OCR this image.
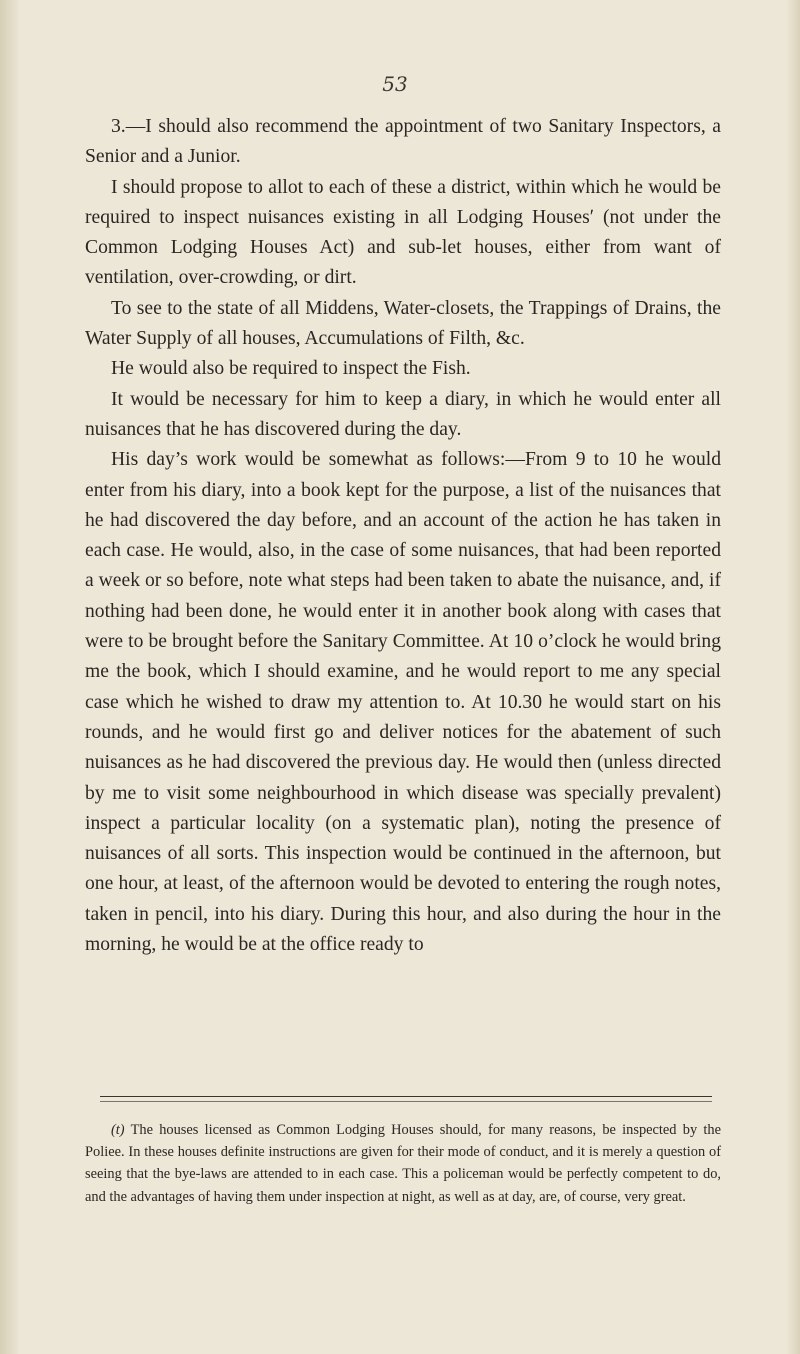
53

3.—I should also recommend the appointment of two Sanitary Inspectors, a Senior and a Junior.

I should propose to allot to each of these a district, within which he would be required to inspect nuisances existing in all Lodging Housesʹ (not under the Common Lodging Houses Act) and sub-let houses, either from want of ventilation, over-crowding, or dirt.

To see to the state of all Middens, Water-closets, the Trappings of Drains, the Water Supply of all houses, Accumulations of Filth, &c.

He would also be required to inspect the Fish.

It would be necessary for him to keep a diary, in which he would enter all nuisances that he has discovered during the day.

His day’s work would be somewhat as follows:—From 9 to 10 he would enter from his diary, into a book kept for the purpose, a list of the nuisances that he had discovered the day before, and an account of the action he has taken in each case. He would, also, in the case of some nuisances, that had been reported a week or so before, note what steps had been taken to abate the nuisance, and, if nothing had been done, he would enter it in another book along with cases that were to be brought before the Sanitary Committee. At 10 o’clock he would bring me the book, which I should examine, and he would report to me any special case which he wished to draw my attention to. At 10.30 he would start on his rounds, and he would first go and deliver notices for the abatement of such nuisances as he had discovered the previous day. He would then (unless directed by me to visit some neighbourhood in which disease was specially prevalent) inspect a particular locality (on a systematic plan), noting the presence of nuisances of all sorts. This inspection would be continued in the afternoon, but one hour, at least, of the afternoon would be devoted to entering the rough notes, taken in pencil, into his diary. During this hour, and also during the hour in the morning, he would be at the office ready to

(t) The houses licensed as Common Lodging Houses should, for many reasons, be inspected by the Poliee. In these houses definite instructions are given for their mode of conduct, and it is merely a question of seeing that the bye-laws are attended to in each case. This a policeman would be perfectly competent to do, and the advantages of having them under inspection at night, as well as at day, are, of course, very great.
